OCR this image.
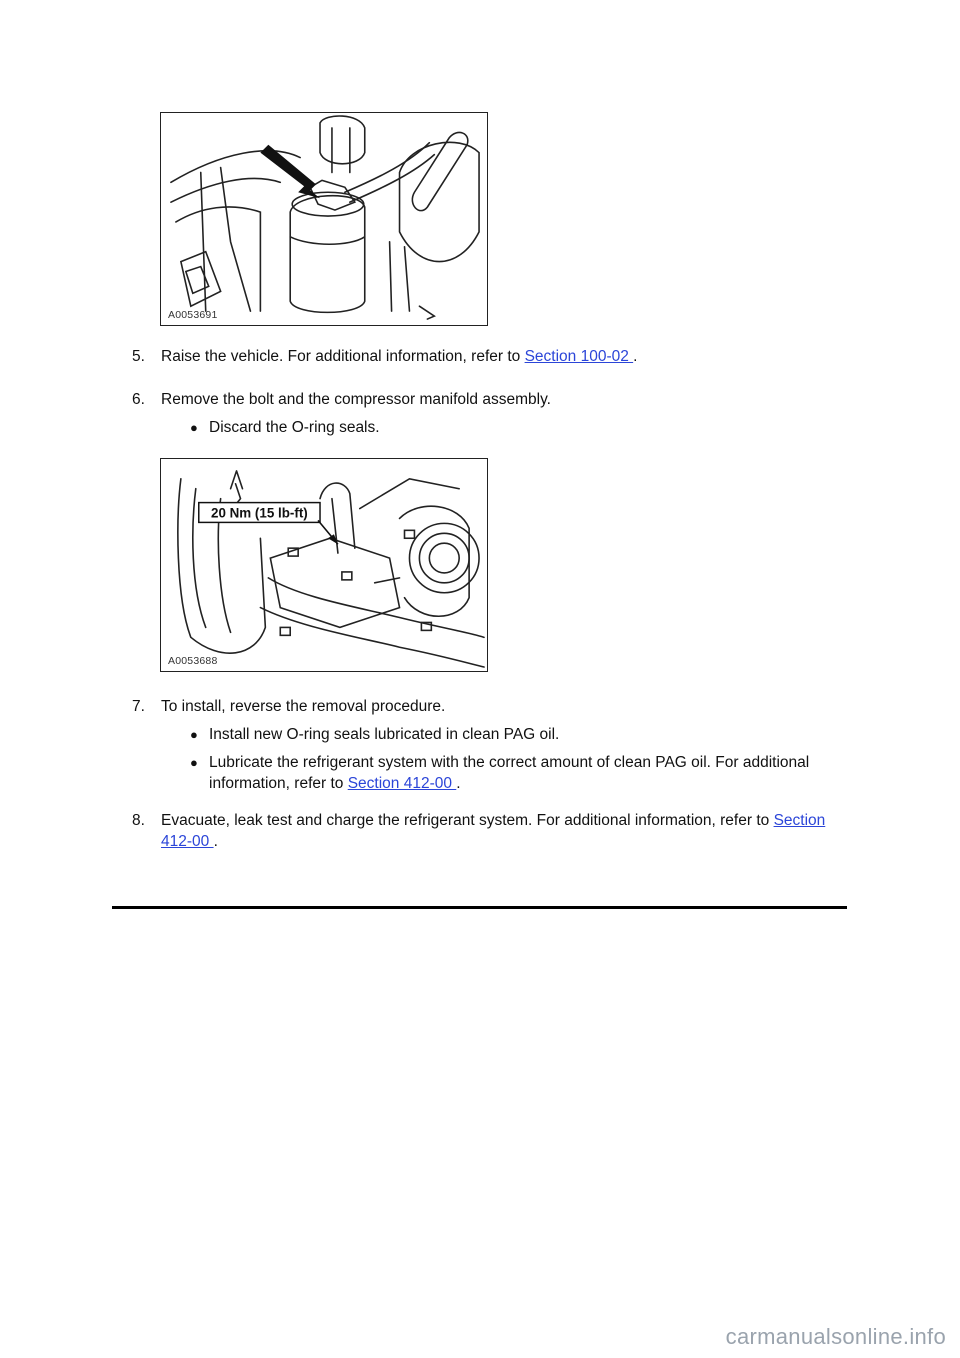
A0053691
5.	Raise the vehicle. For additional information, refer to Section 100-02 .
6.	Remove the bolt and the compressor manifold assembly.
● Discard the O-ring seals.
20 Nm (15 lb-ft)
A0053688
7.	To install, reverse the removal procedure.
● Install new O-ring seals lubricated in clean PAG oil.
● Lubricate the refrigerant system with the correct amount of clean PAG oil. For additional information, refer to Section 412-00 .
8.	Evacuate, leak test and charge the refrigerant system. For additional information, refer to Section 412-00 .
carmanualsonline.info
